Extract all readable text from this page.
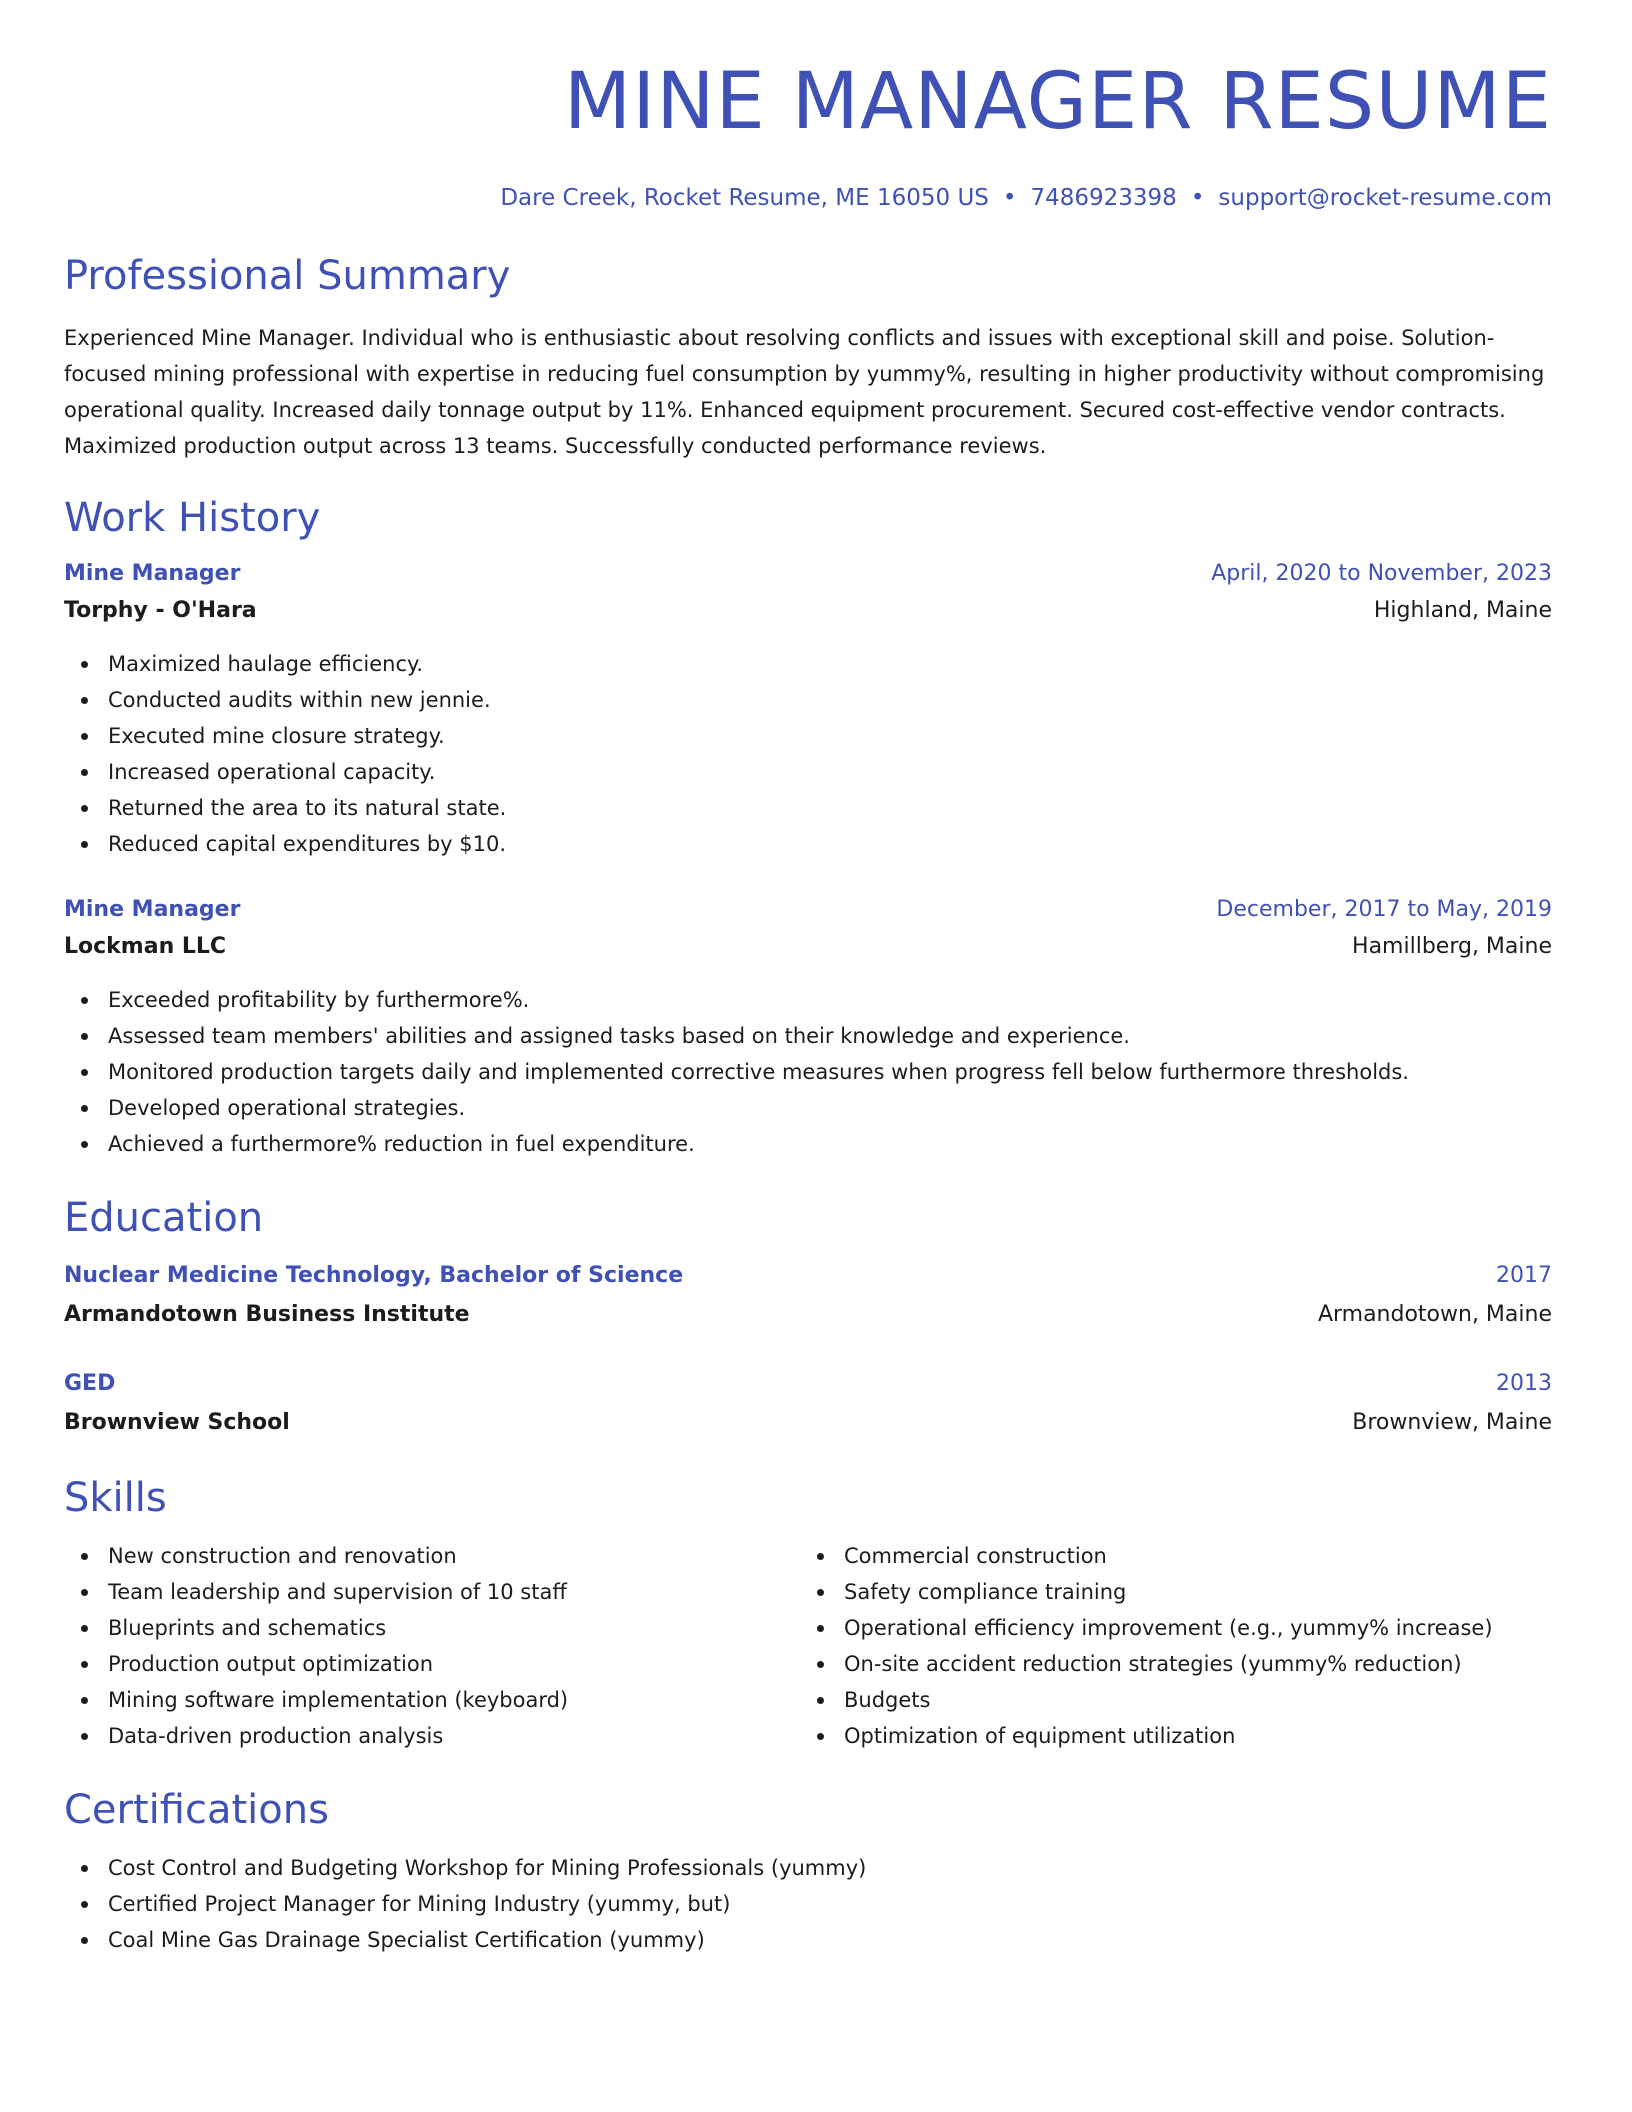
MINE MANAGER RESUME
Dare Creek, Rocket Resume, ME 16050 US • 7486923398 • support@rocket-resume.com
Professional Summary

Experienced Mine Manager. Individual who is enthusiastic about resolving conflicts and issues with exceptional skill and poise. Solution-focused mining professional with expertise in reducing fuel consumption by yummy%, resulting in higher productivity without compromising operational quality. Increased daily tonnage output by 11%. Enhanced equipment procurement. Secured cost-effective vendor contracts. Maximized production output across 13 teams. Successfully conducted performance reviews.

Work History
Mine Manager	April, 2020 to November, 2023
Torphy - O'Hara	Highland, Maine
Maximized haulage efficiency.
Conducted audits within new jennie.
Executed mine closure strategy.
Increased operational capacity.
Returned the area to its natural state.
Reduced capital expenditures by $10.
Mine Manager	December, 2017 to May, 2019
Lockman LLC	Hamillberg, Maine
Exceeded profitability by furthermore%.
Assessed team members' abilities and assigned tasks based on their knowledge and experience.
Monitored production targets daily and implemented corrective measures when progress fell below furthermore thresholds.
Developed operational strategies.
Achieved a furthermore% reduction in fuel expenditure.
Education
Nuclear Medicine Technology, Bachelor of Science	2017
Armandotown Business Institute	Armandotown, Maine
GED	2013
Brownview School	Brownview, Maine
Skills
New construction and renovation
Team leadership and supervision of 10 staff
Blueprints and schematics
Production output optimization
Mining software implementation (keyboard)
Data-driven production analysis
Commercial construction
Safety compliance training
Operational efficiency improvement (e.g., yummy% increase)
On-site accident reduction strategies (yummy% reduction)
Budgets
Optimization of equipment utilization
Certifications
Cost Control and Budgeting Workshop for Mining Professionals (yummy)
Certified Project Manager for Mining Industry (yummy, but)
Coal Mine Gas Drainage Specialist Certification (yummy)
